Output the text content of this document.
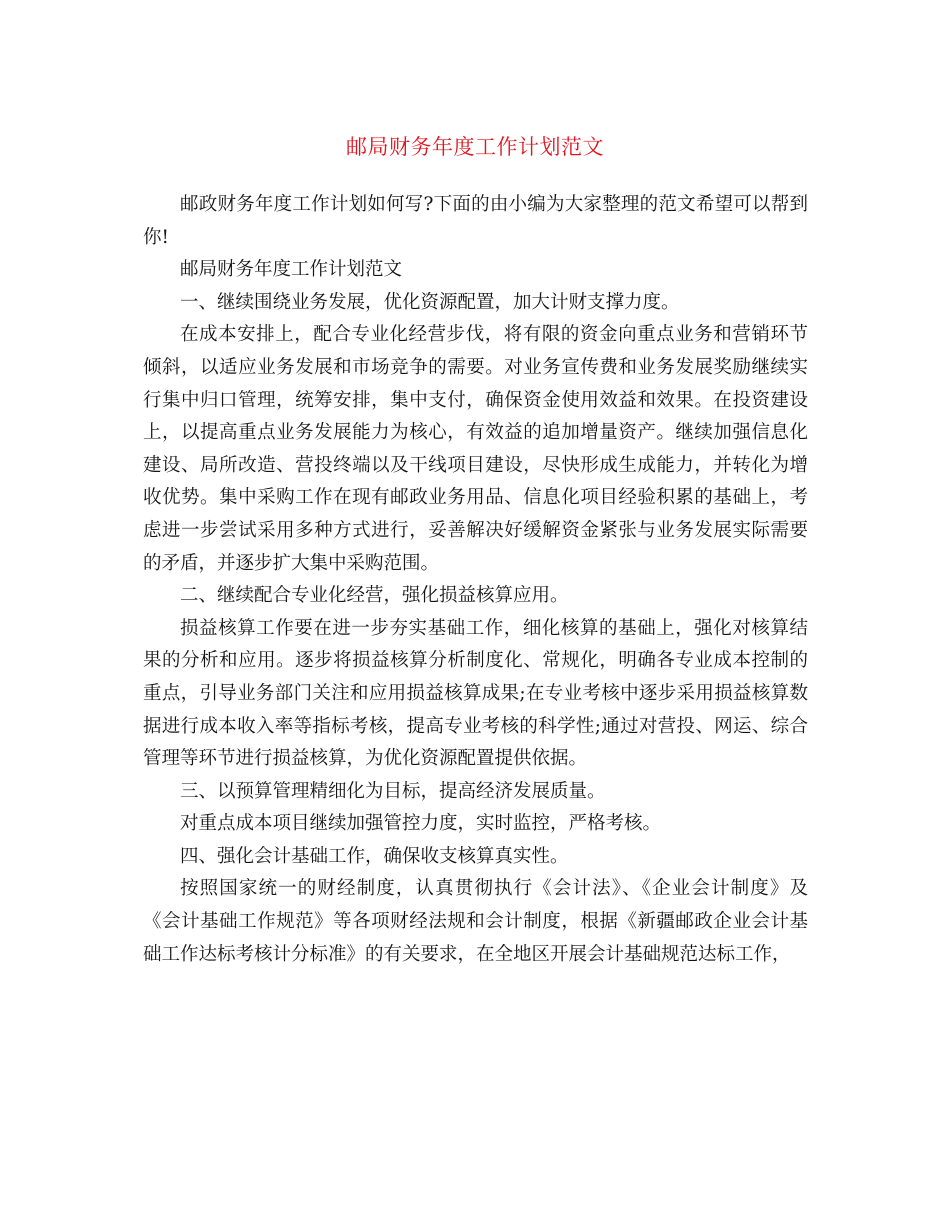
邮局财务年度工作计划范文

邮政财务年度工作计划如何写?下面的由小编为大家整理的范文希望可以帮到你!

邮局财务年度工作计划范文

一、继续围绕业务发展，优化资源配置，加大计财支撑力度。

在成本安排上，配合专业化经营步伐，将有限的资金向重点业务和营销环节倾斜，以适应业务发展和市场竞争的需要。对业务宣传费和业务发展奖励继续实行集中归口管理，统筹安排，集中支付，确保资金使用效益和效果。在投资建设上，以提高重点业务发展能力为核心，有效益的追加增量资产。继续加强信息化建设、局所改造、营投终端以及干线项目建设，尽快形成生成能力，并转化为增收优势。集中采购工作在现有邮政业务用品、信息化项目经验积累的基础上，考虑进一步尝试采用多种方式进行，妥善解决好缓解资金紧张与业务发展实际需要的矛盾，并逐步扩大集中采购范围。

二、继续配合专业化经营，强化损益核算应用。

损益核算工作要在进一步夯实基础工作，细化核算的基础上，强化对核算结果的分析和应用。逐步将损益核算分析制度化、常规化，明确各专业成本控制的重点，引导业务部门关注和应用损益核算成果;在专业考核中逐步采用损益核算数据进行成本收入率等指标考核，提高专业考核的科学性;通过对营投、网运、综合管理等环节进行损益核算，为优化资源配置提供依据。

三、以预算管理精细化为目标，提高经济发展质量。

对重点成本项目继续加强管控力度，实时监控，严格考核。

四、强化会计基础工作，确保收支核算真实性。

按照国家统一的财经制度，认真贯彻执行《会计法》、《企业会计制度》及《会计基础工作规范》等各项财经法规和会计制度，根据《新疆邮政企业会计基础工作达标考核计分标准》的有关要求，在全地区开展会计基础规范达标工作，
